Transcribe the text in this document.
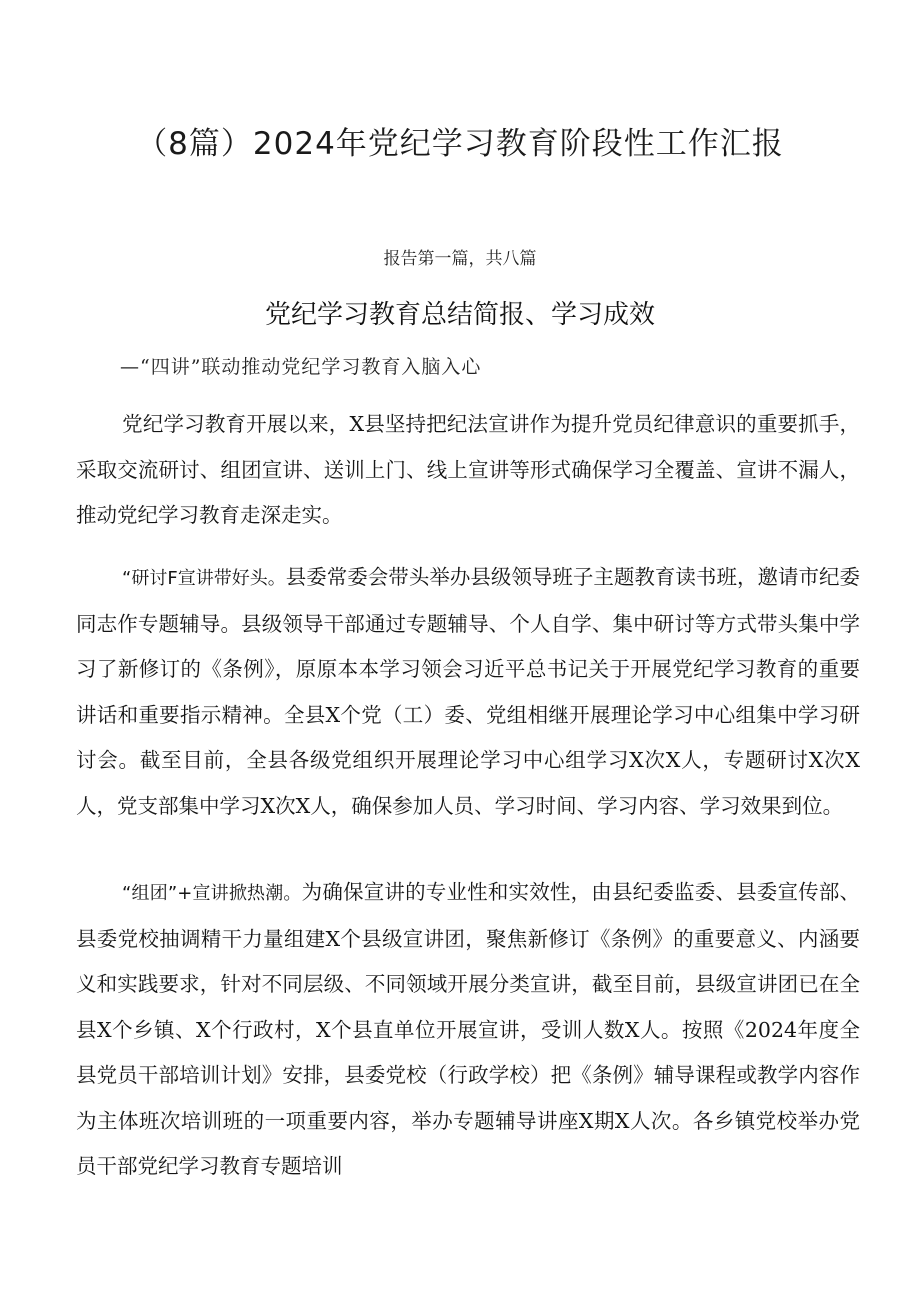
（8篇）2024年党纪学习教育阶段性工作汇报
报告第一篇，共八篇
党纪学习教育总结简报、学习成效
—“四讲”联动推动党纪学习教育入脑入心

党纪学习教育开展以来，X县坚持把纪法宣讲作为提升党员纪律意识的重要抓手，采取交流研讨、组团宣讲、送训上门、线上宣讲等形式确保学习全覆盖、宣讲不漏人，推动党纪学习教育走深走实。

“研讨F宣讲带好头。县委常委会带头举办县级领导班子主题教育读书班，邀请市纪委同志作专题辅导。县级领导干部通过专题辅导、个人自学、集中研讨等方式带头集中学习了新修订的《条例》，原原本本学习领会习近平总书记关于开展党纪学习教育的重要讲话和重要指示精神。全县X个党（工）委、党组相继开展理论学习中心组集中学习研讨会。截至目前，全县各级党组织开展理论学习中心组学习X次X人，专题研讨X次X人，党支部集中学习X次X人，确保参加人员、学习时间、学习内容、学习效果到位。

“组团”+宣讲掀热潮。为确保宣讲的专业性和实效性，由县纪委监委、县委宣传部、县委党校抽调精干力量组建X个县级宣讲团，聚焦新修订《条例》的重要意义、内涵要义和实践要求，针对不同层级、不同领域开展分类宣讲，截至目前，县级宣讲团已在全县X个乡镇、X个行政村，X个县直单位开展宣讲，受训人数X人。按照《2024年度全县党员干部培训计划》安排，县委党校（行政学校）把《条例》辅导课程或教学内容作为主体班次培训班的一项重要内容，举办专题辅导讲座X期X人次。各乡镇党校举办党员干部党纪学习教育专题培训
